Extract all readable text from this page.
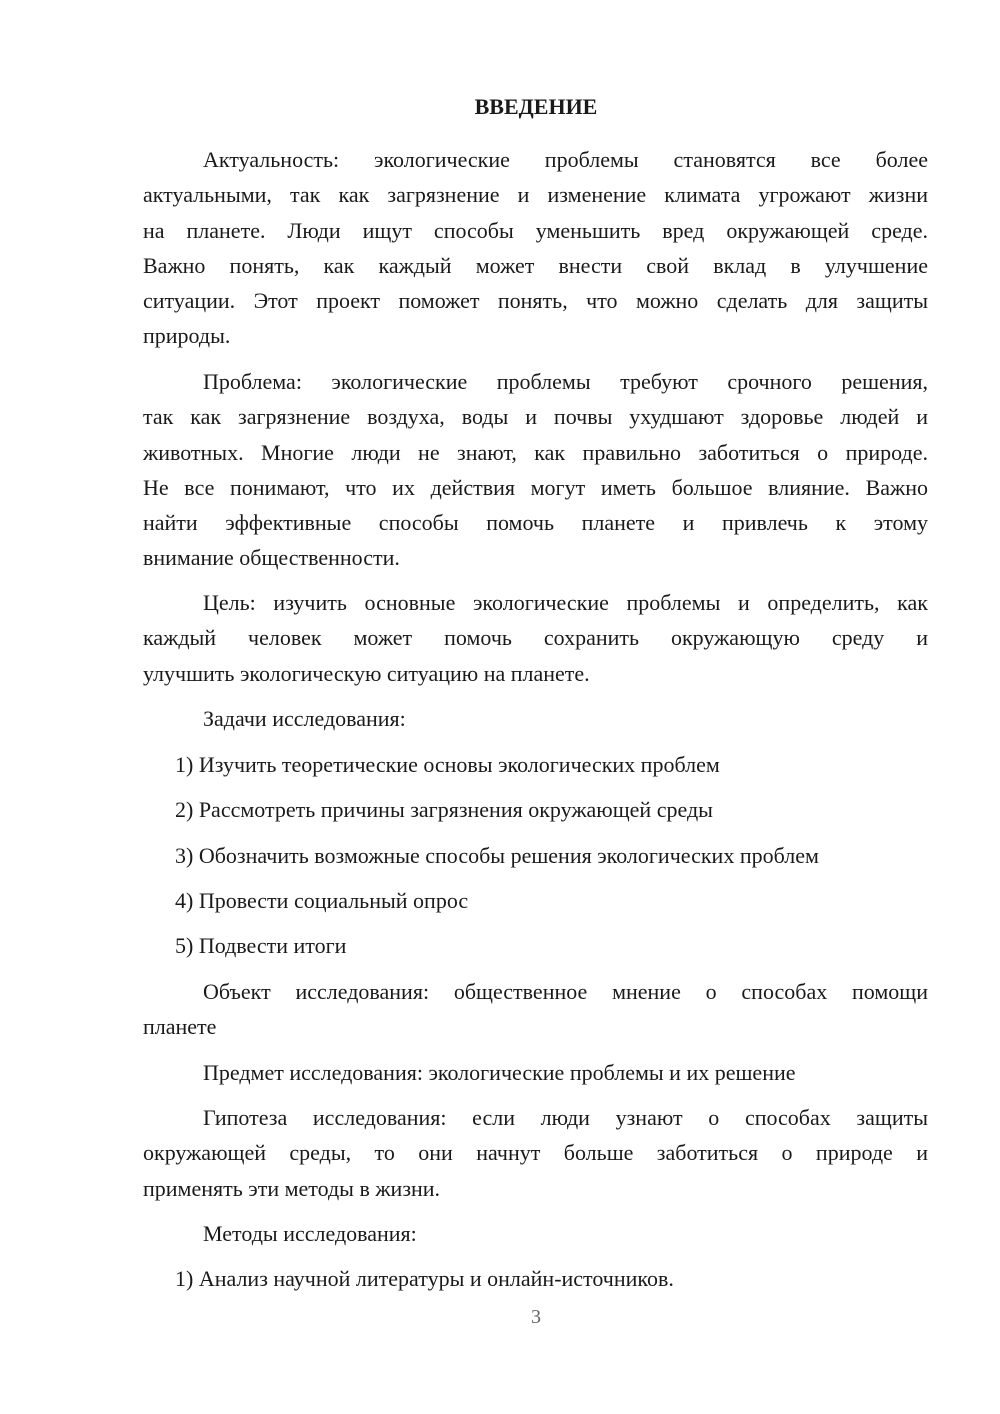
ВВЕДЕНИЕ
Актуальность: экологические проблемы становятся все более
актуальными, так как загрязнение и изменение климата угрожают жизни
на планете. Люди ищут способы уменьшить вред окружающей среде.
Важно понять, как каждый может внести свой вклад в улучшение
ситуации. Этот проект поможет понять, что можно сделать для защиты
природы.
Проблема: экологические проблемы требуют срочного решения,
так как загрязнение воздуха, воды и почвы ухудшают здоровье людей и
животных. Многие люди не знают, как правильно заботиться о природе.
Не все понимают, что их действия могут иметь большое влияние. Важно
найти эффективные способы помочь планете и привлечь к этому
внимание общественности.
Цель: изучить основные экологические проблемы и определить, как
каждый человек может помочь сохранить окружающую среду и
улучшить экологическую ситуацию на планете.
Задачи исследования:
1) Изучить теоретические основы экологических проблем
2) Рассмотреть причины загрязнения окружающей среды
3) Обозначить возможные способы решения экологических проблем
4) Провести социальный опрос
5) Подвести итоги
Объект исследования: общественное мнение о способах помощи
планете
Предмет исследования: экологические проблемы и их решение
Гипотеза исследования: если люди узнают о способах защиты
окружающей среды, то они начнут больше заботиться о природе и
применять эти методы в жизни.
Методы исследования:
1) Анализ научной литературы и онлайн-источников.
3
